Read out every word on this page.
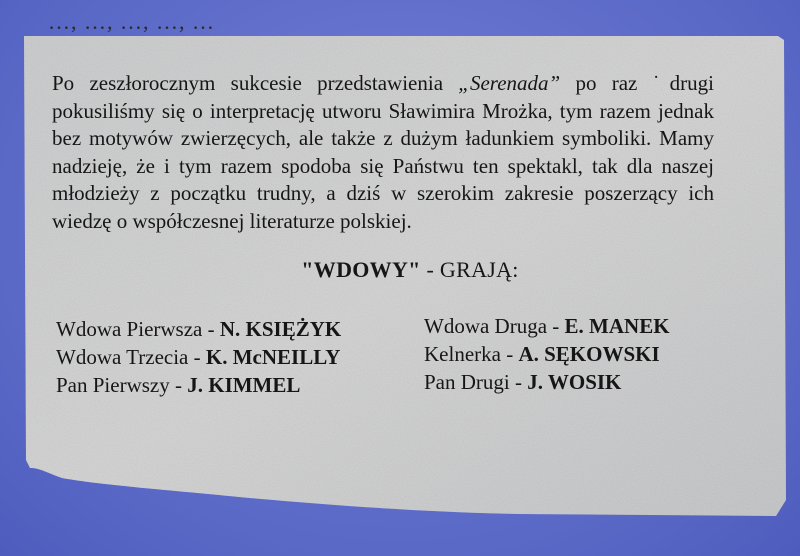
…, …, …, …, …

Po zeszłorocznym sukcesie przedstawienia „Serenada” po raz ˙drugi pokusiliśmy się o interpretację utworu Sławimira Mrożka, tym razem jednak bez motywów zwierzęcych, ale także z dużym ładunkiem symboliki. Mamy nadzieję, że i tym razem spodoba się Państwu ten spektakl, tak dla naszej młodzieży z początku trudny, a dziś w szerokim zakresie poszerzący ich wiedzę o współczesnej literaturze polskiej.

"WDOWY" - GRAJĄ:

Wdowa Pierwsza - N. KSIĘŻYK
Wdowa Trzecia - K. McNEILLY
Pan Pierwszy - J. KIMMEL
Wdowa Druga - E. MANEK
Kelnerka - A. SĘKOWSKI
Pan Drugi - J. WOSIK
